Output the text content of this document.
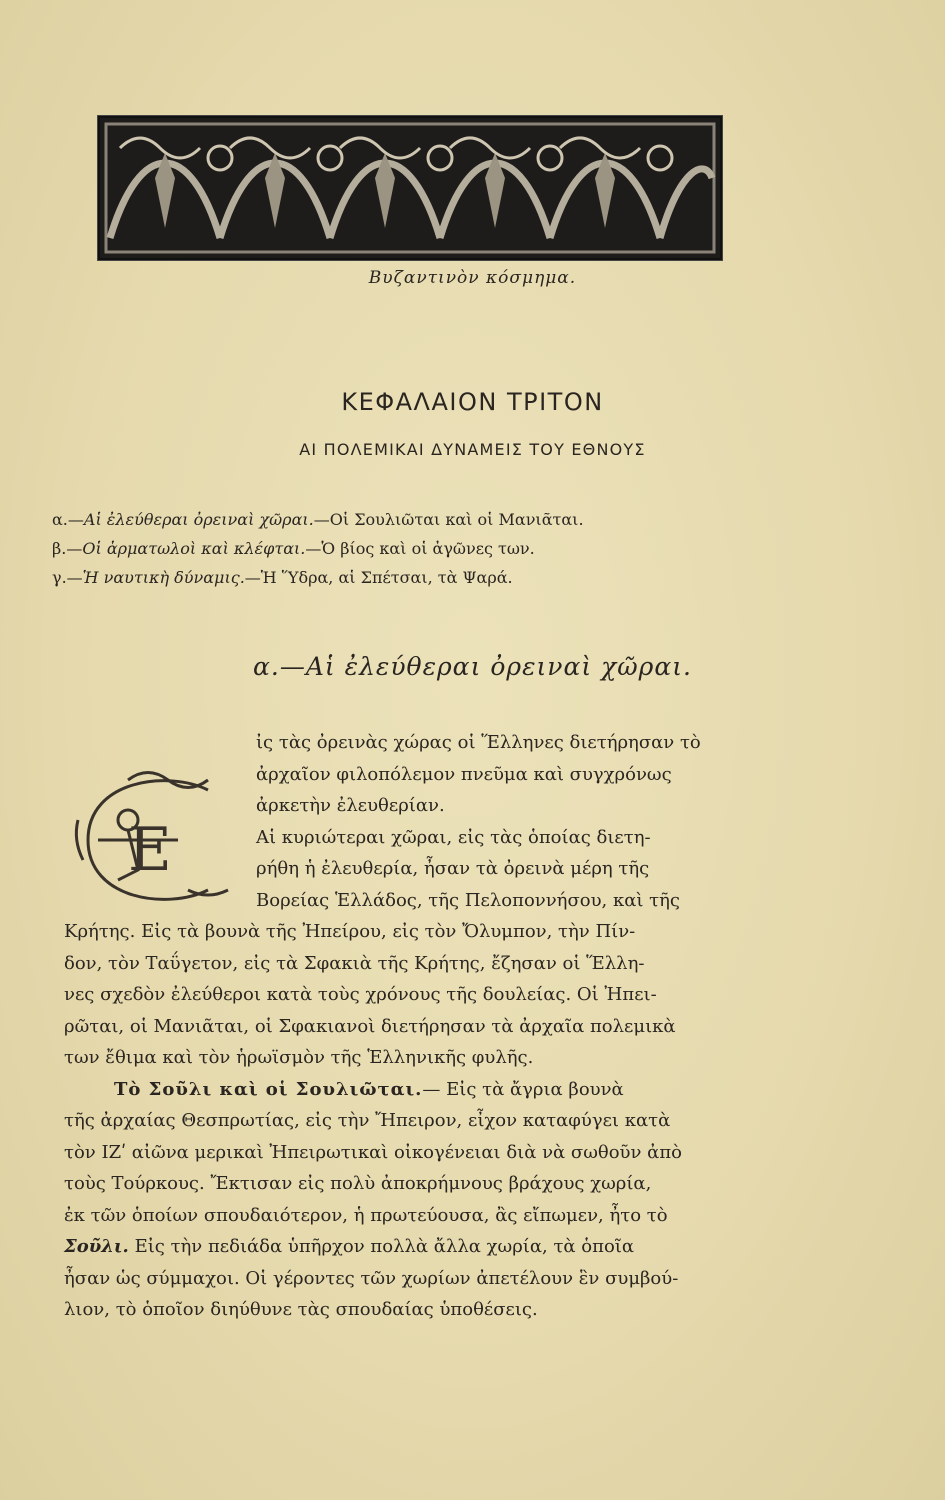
Βυζαντινὸν κόσμημα.
ΚΕΦΑΛΑΙΟΝ ΤΡΙΤΟΝ
ΑΙ ΠΟΛΕΜΙΚΑΙ ΔΥΝΑΜΕΙΣ ΤΟΥ ΕΘΝΟΥΣ
α.—Αἱ ἐλεύθεραι ὀρειναὶ χῶραι.—Οἱ Σουλιῶται καὶ οἱ Μανιᾶται.
β.—Οἱ ἁρματωλοὶ καὶ κλέφται.—Ὁ βίος καὶ οἱ ἀγῶνες των.
γ.—Ἡ ναυτικὴ δύναμις.—Ἡ Ὕδρα, αἱ Σπέτσαι, τὰ Ψαρά.
α.—Αἱ ἐλεύθεραι ὀρειναὶ χῶραι.
Ε
ἰς τὰς ὀρεινὰς χώρας οἱ Ἕλληνες διετήρησαν τὸ
ἀρχαῖον φιλοπόλεμον πνεῦμα καὶ συγχρόνως
ἀρκετὴν ἐλευθερίαν.
Αἱ κυριώτεραι χῶραι, εἰς τὰς ὁποίας διετη-
ρήθη ἡ ἐλευθερία, ἦσαν τὰ ὀρεινὰ μέρη τῆς
Βορείας Ἑλλάδος, τῆς Πελοποννήσου, καὶ τῆς
Κρήτης. Εἰς τὰ βουνὰ τῆς Ἠπείρου, εἰς τὸν Ὄλυμπον, τὴν Πίν-
δον, τὸν Ταΰγετον, εἰς τὰ Σφακιὰ τῆς Κρήτης, ἔζησαν οἱ Ἕλλη-
νες σχεδὸν ἐλεύθεροι κατὰ τοὺς χρόνους τῆς δουλείας. Οἱ Ἠπει-
ρῶται, οἱ Μανιᾶται, οἱ Σφακιανοὶ διετήρησαν τὰ ἀρχαῖα πολεμικὰ
των ἔθιμα καὶ τὸν ἡρωϊσμὸν τῆς Ἑλληνικῆς φυλῆς.
Τὸ Σοῦλι καὶ οἱ Σουλιῶται.— Εἰς τὰ ἄγρια βουνὰ
τῆς ἀρχαίας Θεσπρωτίας, εἰς τὴν Ἤπειρον, εἶχον καταφύγει κατὰ
τὸν ΙΖʹ αἰῶνα μερικαὶ Ἠπειρωτικαὶ οἰκογένειαι διὰ νὰ σωθοῦν ἀπὸ
τοὺς Τούρκους. Ἔκτισαν εἰς πολὺ ἀποκρήμνους βράχους χωρία,
ἐκ τῶν ὁποίων σπουδαιότερον, ἡ πρωτεύουσα, ἂς εἴπωμεν, ἦτο τὸ
Σοῦλι. Εἰς τὴν πεδιάδα ὑπῆρχον πολλὰ ἄλλα χωρία, τὰ ὁποῖα
ἦσαν ὡς σύμμαχοι. Οἱ γέροντες τῶν χωρίων ἀπετέλουν ἓν συμβού-
λιον, τὸ ὁποῖον διηύθυνε τὰς σπουδαίας ὑποθέσεις.
